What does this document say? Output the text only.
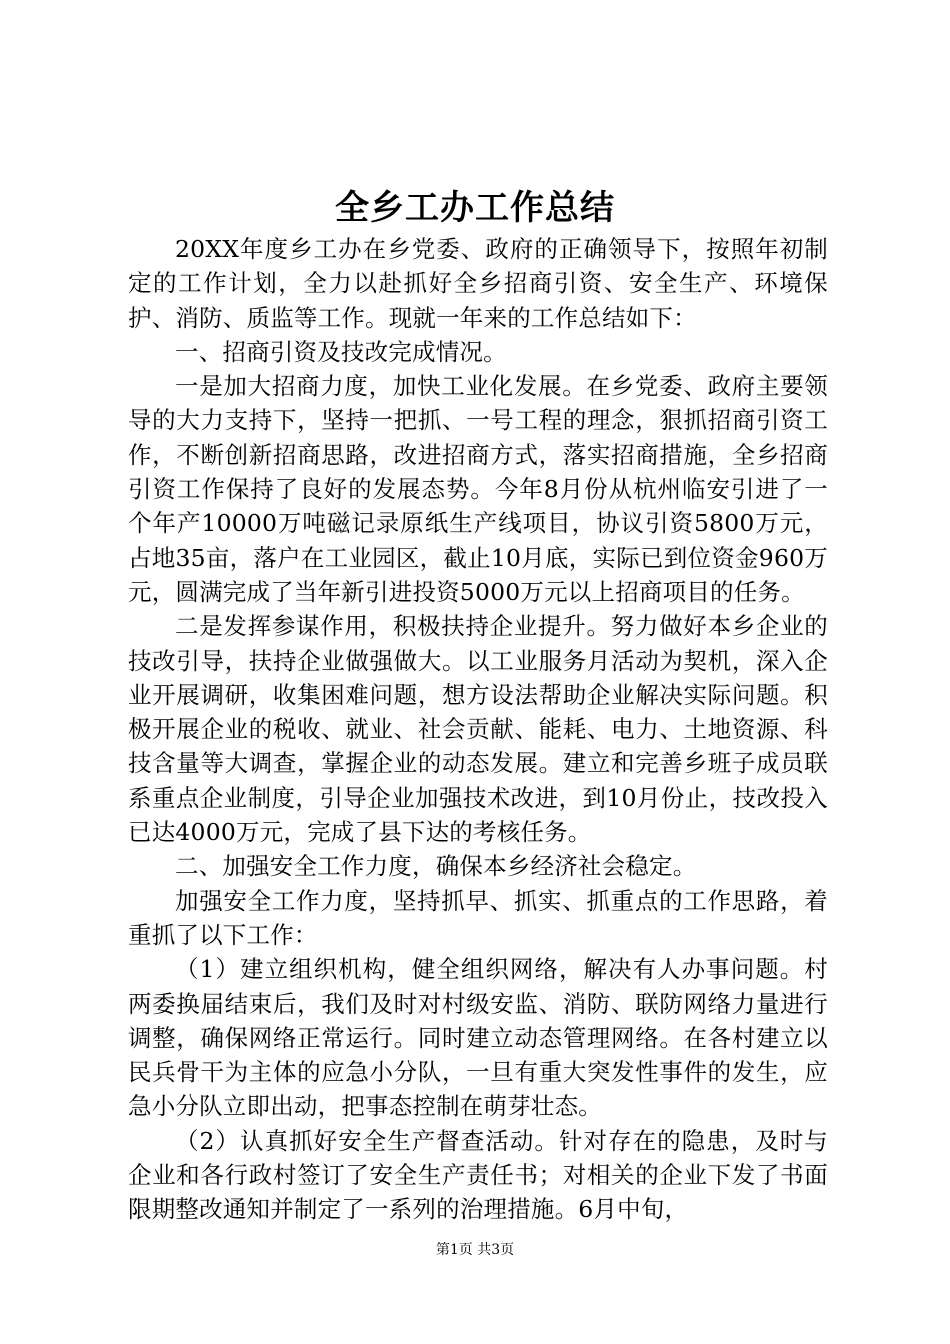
全乡工办工作总结

20XX年度乡工办在乡党委、政府的正确领导下，按照年初制定的工作计划，全力以赴抓好全乡招商引资、安全生产、环境保护、消防、质监等工作。现就一年来的工作总结如下：

一、招商引资及技改完成情况。

一是加大招商力度，加快工业化发展。在乡党委、政府主要领导的大力支持下，坚持一把抓、一号工程的理念，狠抓招商引资工作，不断创新招商思路，改进招商方式，落实招商措施，全乡招商引资工作保持了良好的发展态势。今年8月份从杭州临安引进了一个年产10000万吨磁记录原纸生产线项目，协议引资5800万元，占地35亩，落户在工业园区，截止10月底，实际已到位资金960万元，圆满完成了当年新引进投资5000万元以上招商项目的任务。

二是发挥参谋作用，积极扶持企业提升。努力做好本乡企业的技改引导，扶持企业做强做大。以工业服务月活动为契机，深入企业开展调研，收集困难问题，想方设法帮助企业解决实际问题。积极开展企业的税收、就业、社会贡献、能耗、电力、土地资源、科技含量等大调查，掌握企业的动态发展。建立和完善乡班子成员联系重点企业制度，引导企业加强技术改进，到10月份止，技改投入已达4000万元，完成了县下达的考核任务。

二、加强安全工作力度，确保本乡经济社会稳定。

加强安全工作力度，坚持抓早、抓实、抓重点的工作思路，着重抓了以下工作：

（1）建立组织机构，健全组织网络，解决有人办事问题。村两委换届结束后，我们及时对村级安监、消防、联防网络力量进行调整，确保网络正常运行。同时建立动态管理网络。在各村建立以民兵骨干为主体的应急小分队，一旦有重大突发性事件的发生，应急小分队立即出动，把事态控制在萌芽壮态。

（2）认真抓好安全生产督查活动。针对存在的隐患，及时与企业和各行政村签订了安全生产责任书；对相关的企业下发了书面限期整改通知并制定了一系列的治理措施。6月中旬，

第1页 共3页
